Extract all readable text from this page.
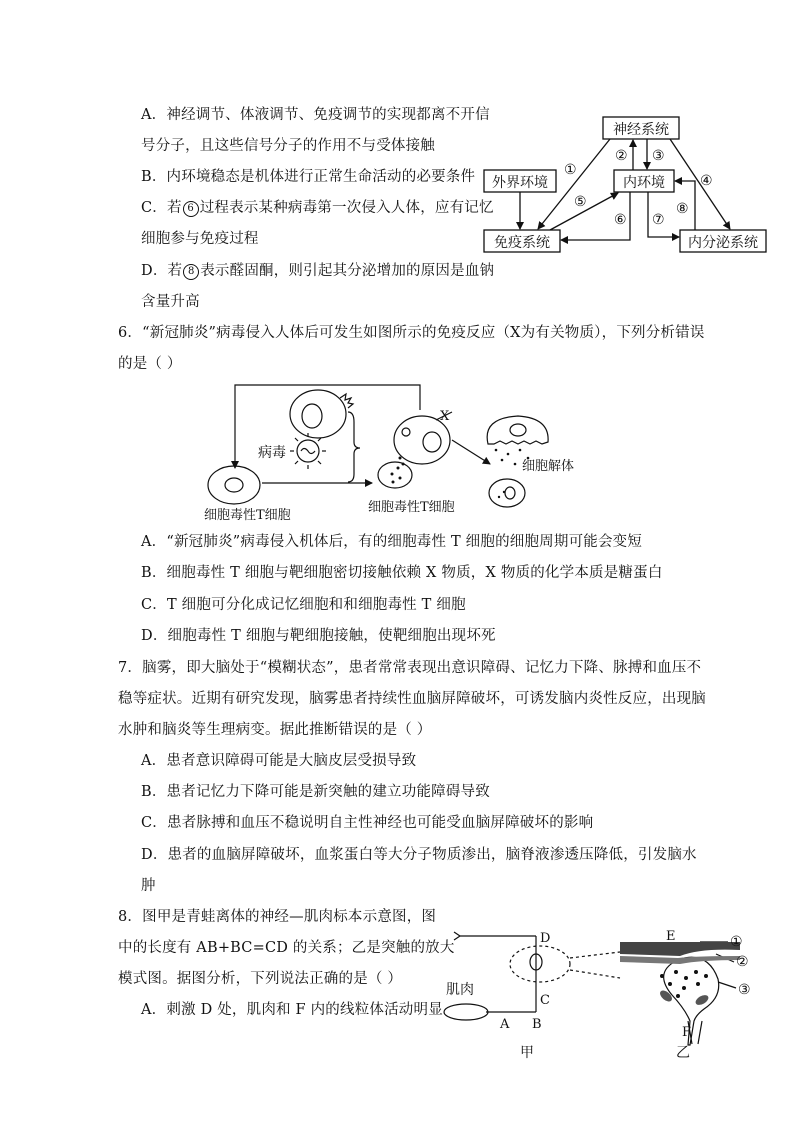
A．神经调节、体液调节、免疫调节的实现都离不开信
号分子，且这些信号分子的作用不与受体接触
B．内环境稳态是机体进行正常生命活动的必要条件
C．若 6 过程表示某种病毒第一次侵入人体，应有记忆
细胞参与免疫过程
D．若 8 表示醛固酮，则引起其分泌增加的原因是血钠
含量升高
神经系统
外界环境	内环境
免疫系统	内分泌系统
①
② ③
④
⑤
⑥ ⑦
⑧
6．“新冠肺炎”病毒侵入人体后可发生如图所示的免疫反应（X为有关物质），下列分析错误
的是（ ）
病毒
X
细胞解体
细胞毒性T细胞
细胞毒性T细胞
A．“新冠肺炎”病毒侵入机体后，有的细胞毒性 T 细胞的细胞周期可能会变短
B．细胞毒性 T 细胞与靶细胞密切接触依赖 X 物质，X 物质的化学本质是糖蛋白
C．T 细胞可分化成记忆细胞和和细胞毒性 T 细胞
D．细胞毒性 T 细胞与靶细胞接触，使靶细胞出现坏死
7．脑雾，即大脑处于“模糊状态”，患者常常表现出意识障碍、记忆力下降、脉搏和血压不
稳等症状。近期有研究发现，脑雾患者持续性血脑屏障破坏，可诱发脑内炎性反应，出现脑
水肿和脑炎等生理病变。据此推断错误的是（ ）
A．患者意识障碍可能是大脑皮层受损导致
B．患者记忆力下降可能是新突触的建立功能障碍导致
C．患者脉搏和血压不稳说明自主性神经也可能受血脑屏障破坏的影响
D．患者的血脑屏障破坏，血浆蛋白等大分子物质渗出，脑脊液渗透压降低，引发脑水
肿
8．图甲是青蛙离体的神经—肌肉标本示意图，图
中的长度有 AB+BC=CD 的关系；乙是突触的放大
模式图。据图分析，下列说法正确的是（ ）
A．刺激 D 处，肌肉和 F 内的线粒体活动明显
肌肉
A B
C
D	E
F
①
②
③
甲	乙
